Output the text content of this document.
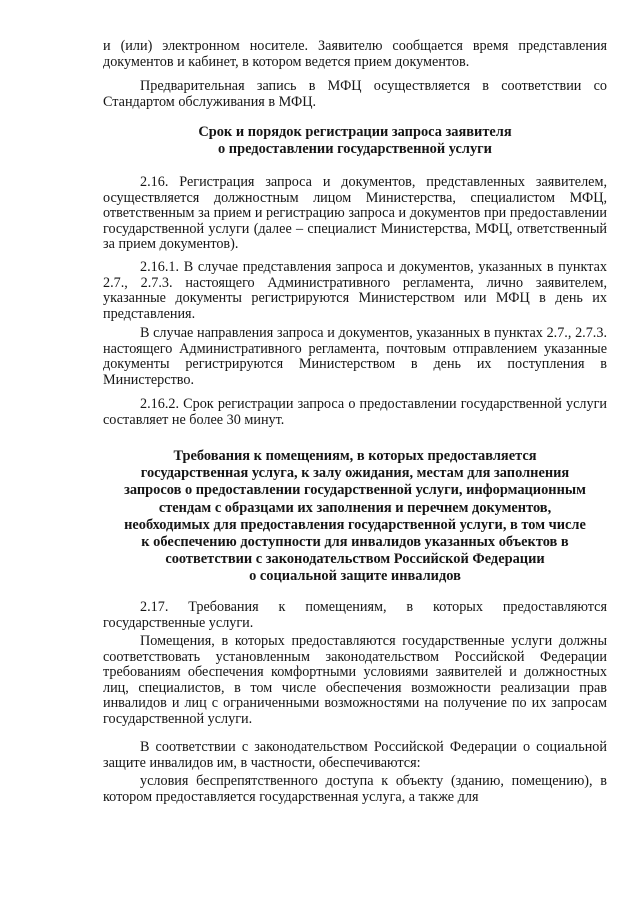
и (или) электронном носителе. Заявителю сообщается время представления документов и кабинет, в котором ведется прием документов.

Предварительная запись в МФЦ осуществляется в соответствии со Стандартом обслуживания в МФЦ.

Срок и порядок регистрации запроса заявителя
о предоставлении государственной услуги

2.16. Регистрация запроса и документов, представленных заявителем, осуществляется должностным лицом Министерства, специалистом МФЦ, ответственным за прием и регистрацию запроса и документов при предоставлении государственной услуги (далее – специалист Министерства, МФЦ, ответственный за прием документов).

2.16.1. В случае представления запроса и документов, указанных в пунктах 2.7., 2.7.3. настоящего Административного регламента, лично заявителем, указанные документы регистрируются Министерством или МФЦ в день их представления.

В случае направления запроса и документов, указанных в пунктах 2.7., 2.7.3. настоящего Административного регламента, почтовым отправлением указанные документы регистрируются Министерством в день их поступления в Министерство.

2.16.2. Срок регистрации запроса о предоставлении государственной услуги составляет не более 30 минут.

Требования к помещениям, в которых предоставляется
государственная услуга, к залу ожидания, местам для заполнения
запросов о предоставлении государственной услуги, информационным
стендам с образцами их заполнения и перечнем документов,
необходимых для предоставления государственной услуги, в том числе
к обеспечению доступности для инвалидов указанных объектов в
соответствии с законодательством Российской Федерации
о социальной защите инвалидов

2.17. Требования к помещениям, в которых предоставляются государственные услуги.

Помещения, в которых предоставляются государственные услуги должны соответствовать установленным законодательством Российской Федерации требованиям обеспечения комфортными условиями заявителей и должностных лиц, специалистов, в том числе обеспечения возможности реализации прав инвалидов и лиц с ограниченными возможностями на получение по их запросам государственной услуги.

В соответствии с законодательством Российской Федерации о социальной защите инвалидов им, в частности, обеспечиваются:

условия беспрепятственного доступа к объекту (зданию, помещению), в котором предоставляется государственная услуга, а также для
